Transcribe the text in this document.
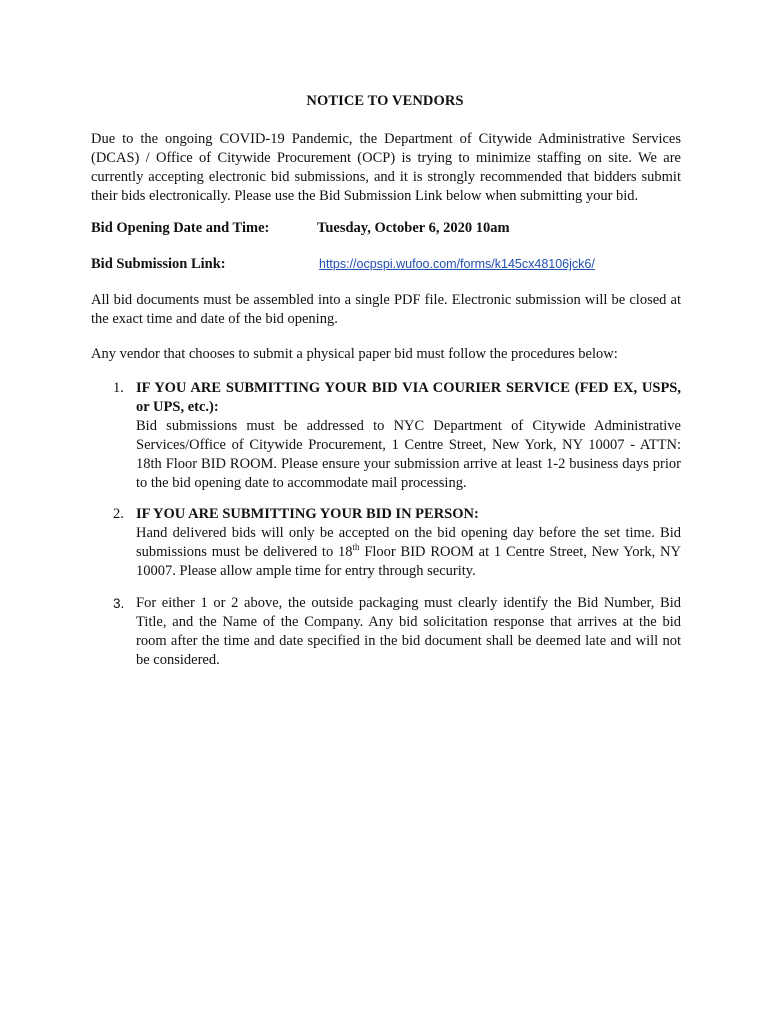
NOTICE TO VENDORS

Due to the ongoing COVID-19 Pandemic, the Department of Citywide Administrative Services (DCAS) / Office of Citywide Procurement (OCP) is trying to minimize staffing on site. We are currently accepting electronic bid submissions, and it is strongly recommended that bidders submit their bids electronically. Please use the Bid Submission Link below when submitting your bid.

Bid Opening Date and Time:	Tuesday, October 6, 2020 10am
Bid Submission Link:	https://ocpspi.wufoo.com/forms/k145cx48106jck6/

All bid documents must be assembled into a single PDF file. Electronic submission will be closed at the exact time and date of the bid opening.

Any vendor that chooses to submit a physical paper bid must follow the procedures below:

1. IF YOU ARE SUBMITTING YOUR BID VIA COURIER SERVICE (FED EX, USPS, or UPS, etc.):
Bid submissions must be addressed to NYC Department of Citywide Administrative Services/Office of Citywide Procurement, 1 Centre Street, New York, NY 10007 - ATTN: 18th Floor BID ROOM. Please ensure your submission arrive at least 1-2 business days prior to the bid opening date to accommodate mail processing.
2. IF YOU ARE SUBMITTING YOUR BID IN PERSON:
Hand delivered bids will only be accepted on the bid opening day before the set time. Bid submissions must be delivered to 18th Floor BID ROOM at 1 Centre Street, New York, NY 10007. Please allow ample time for entry through security.
3. For either 1 or 2 above, the outside packaging must clearly identify the Bid Number, Bid Title, and the Name of the Company. Any bid solicitation response that arrives at the bid room after the time and date specified in the bid document shall be deemed late and will not be considered.
